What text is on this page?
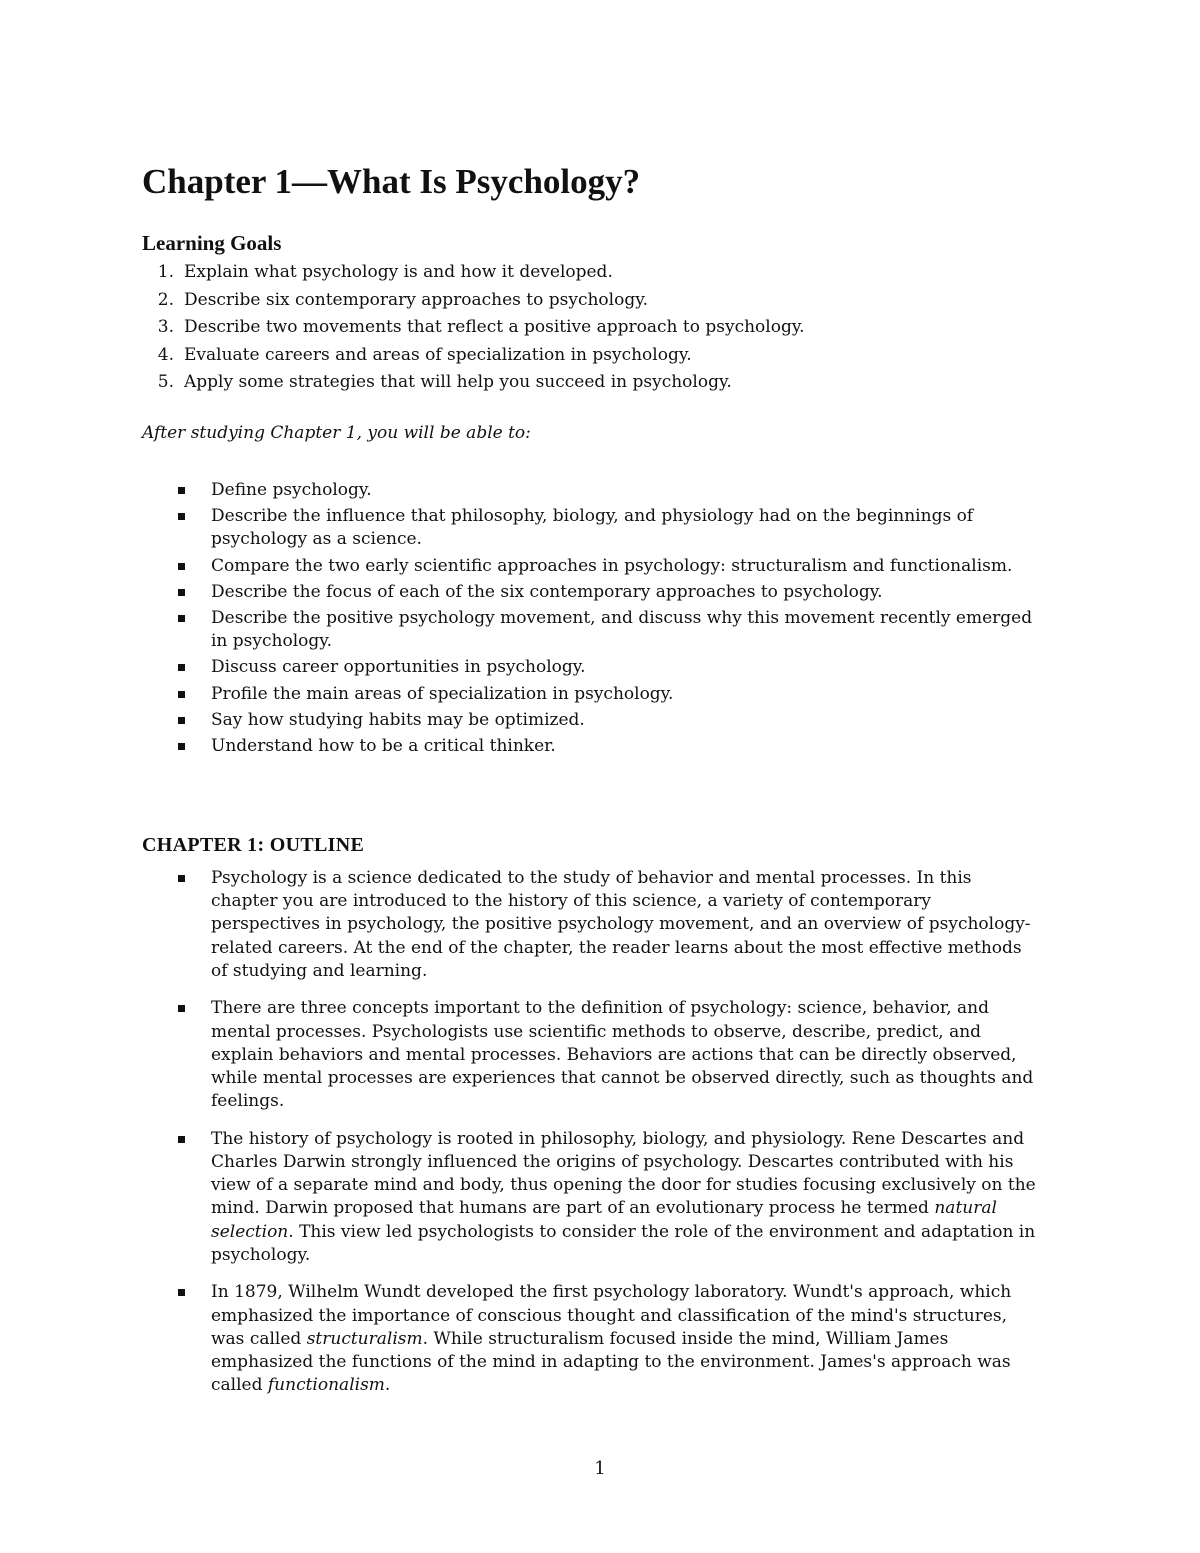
Chapter 1—What Is Psychology?
Learning Goals
1. Explain what psychology is and how it developed.
2. Describe six contemporary approaches to psychology.
3. Describe two movements that reflect a positive approach to psychology.
4. Evaluate careers and areas of specialization in psychology.
5. Apply some strategies that will help you succeed in psychology.

After studying Chapter 1, you will be able to:

Define psychology.
Describe the influence that philosophy, biology, and physiology had on the beginnings of psychology as a science.
Compare the two early scientific approaches in psychology: structuralism and functionalism.
Describe the focus of each of the six contemporary approaches to psychology.
Describe the positive psychology movement, and discuss why this movement recently emerged in psychology.
Discuss career opportunities in psychology.
Profile the main areas of specialization in psychology.
Say how studying habits may be optimized.
Understand how to be a critical thinker.
CHAPTER 1: OUTLINE
Psychology is a science dedicated to the study of behavior and mental processes. In this chapter you are introduced to the history of this science, a variety of contemporary perspectives in psychology, the positive psychology movement, and an overview of psychology-related careers. At the end of the chapter, the reader learns about the most effective methods of studying and learning.
There are three concepts important to the definition of psychology: science, behavior, and mental processes. Psychologists use scientific methods to observe, describe, predict, and explain behaviors and mental processes. Behaviors are actions that can be directly observed, while mental processes are experiences that cannot be observed directly, such as thoughts and feelings.
The history of psychology is rooted in philosophy, biology, and physiology. Rene Descartes and Charles Darwin strongly influenced the origins of psychology. Descartes contributed with his view of a separate mind and body, thus opening the door for studies focusing exclusively on the mind. Darwin proposed that humans are part of an evolutionary process he termed natural selection. This view led psychologists to consider the role of the environment and adaptation in psychology.
In 1879, Wilhelm Wundt developed the first psychology laboratory. Wundt's approach, which emphasized the importance of conscious thought and classification of the mind's structures, was called structuralism. While structuralism focused inside the mind, William James emphasized the functions of the mind in adapting to the environment. James's approach was called functionalism.
1
